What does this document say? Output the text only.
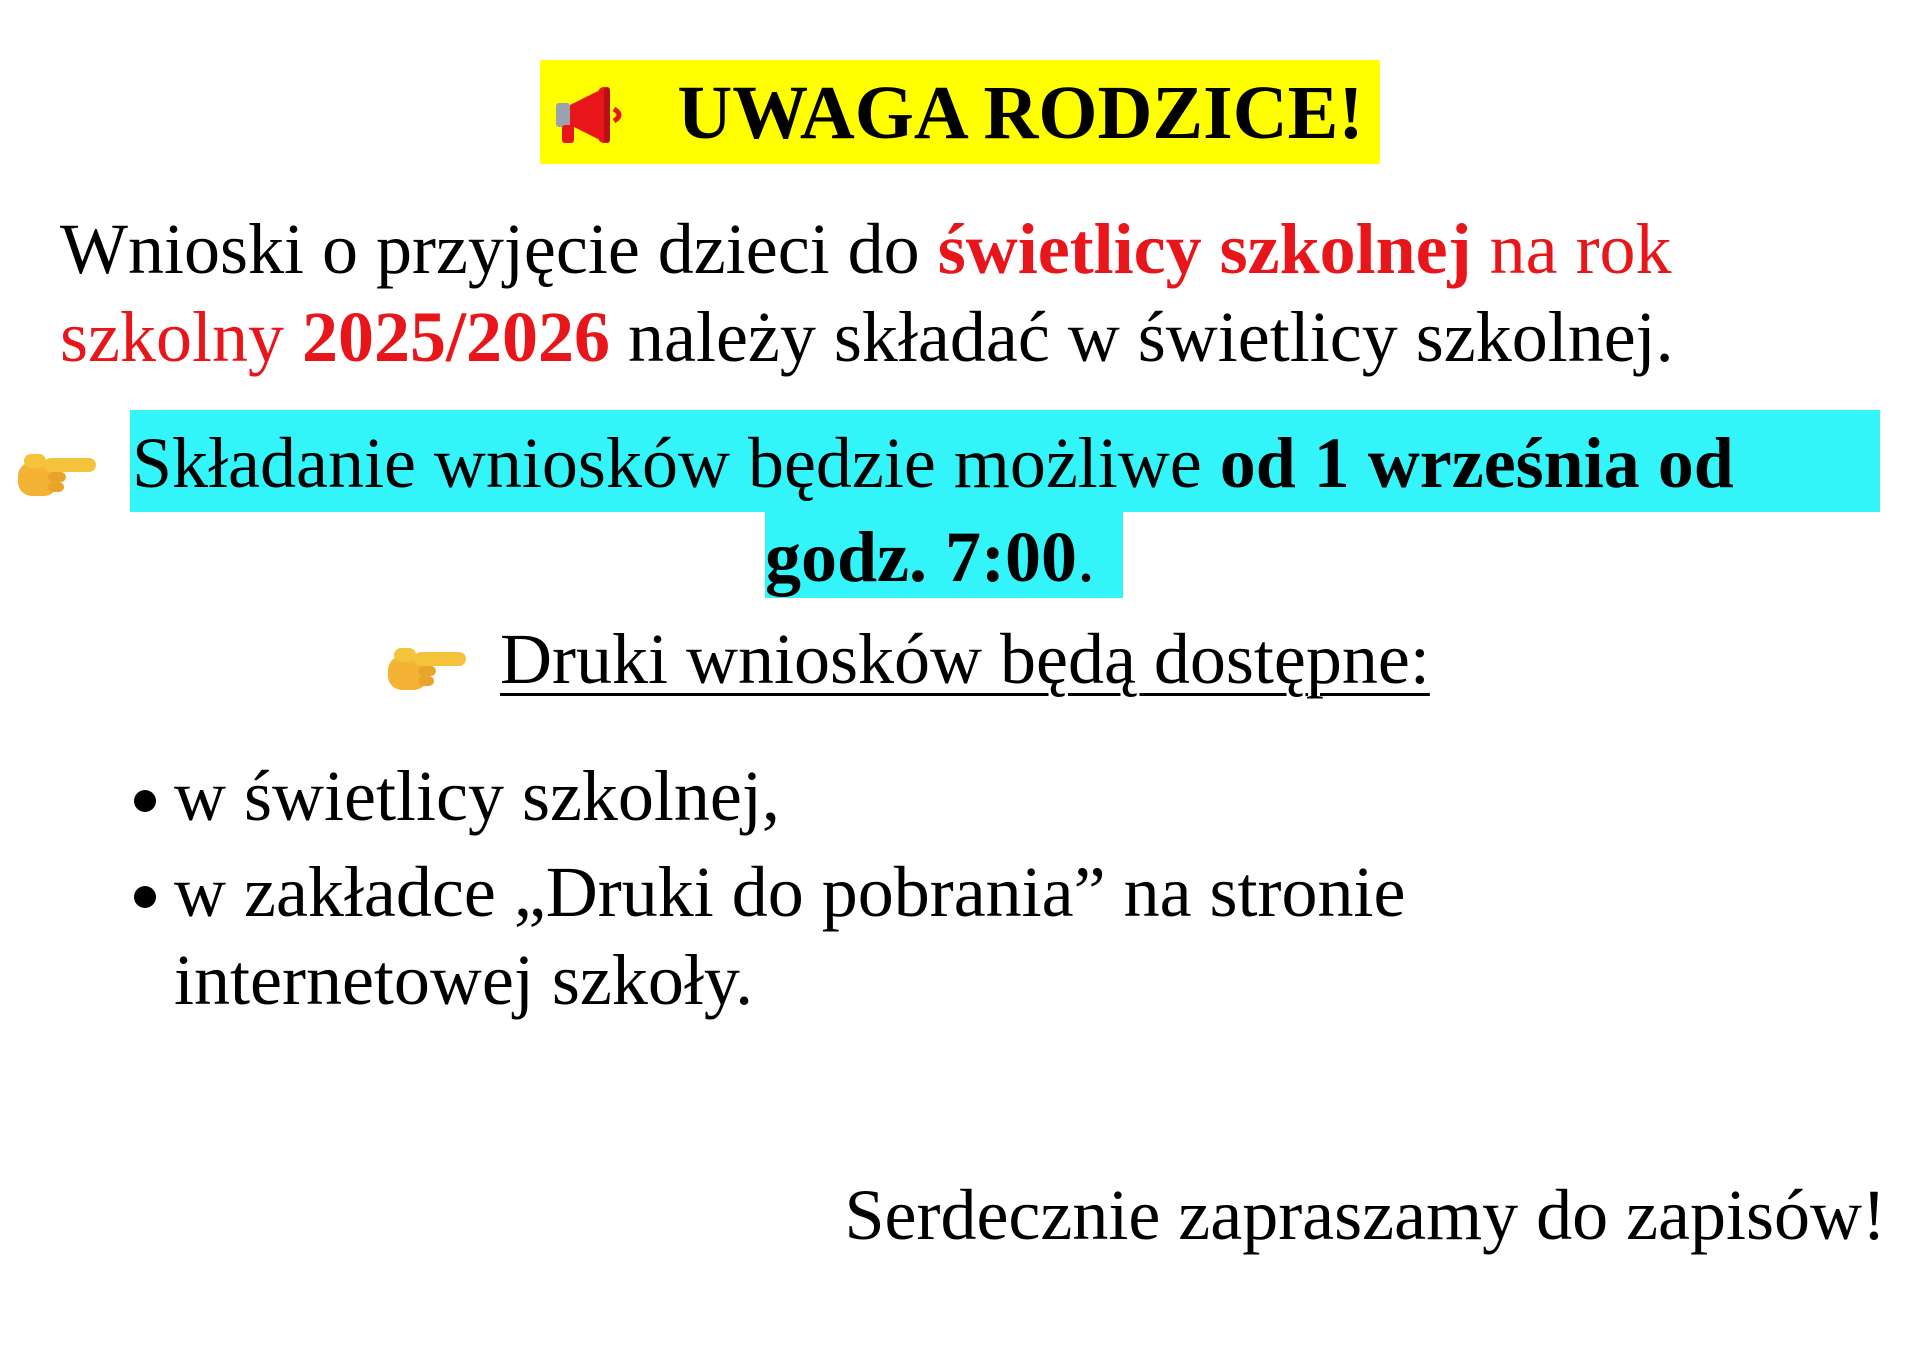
UWAGA RODZICE!
Wnioski o przyjęcie dzieci do świetlicy szkolnej na rok
szkolny 2025/2026 należy składać w świetlicy szkolnej.
Składanie wniosków będzie możliwe od 1 września od
godz. 7:00.
Druki wniosków będą dostępne:
w świetlicy szkolnej,
w zakładce „Druki do pobrania” na stronie internetowej szkoły.
Serdecznie zapraszamy do zapisów!
